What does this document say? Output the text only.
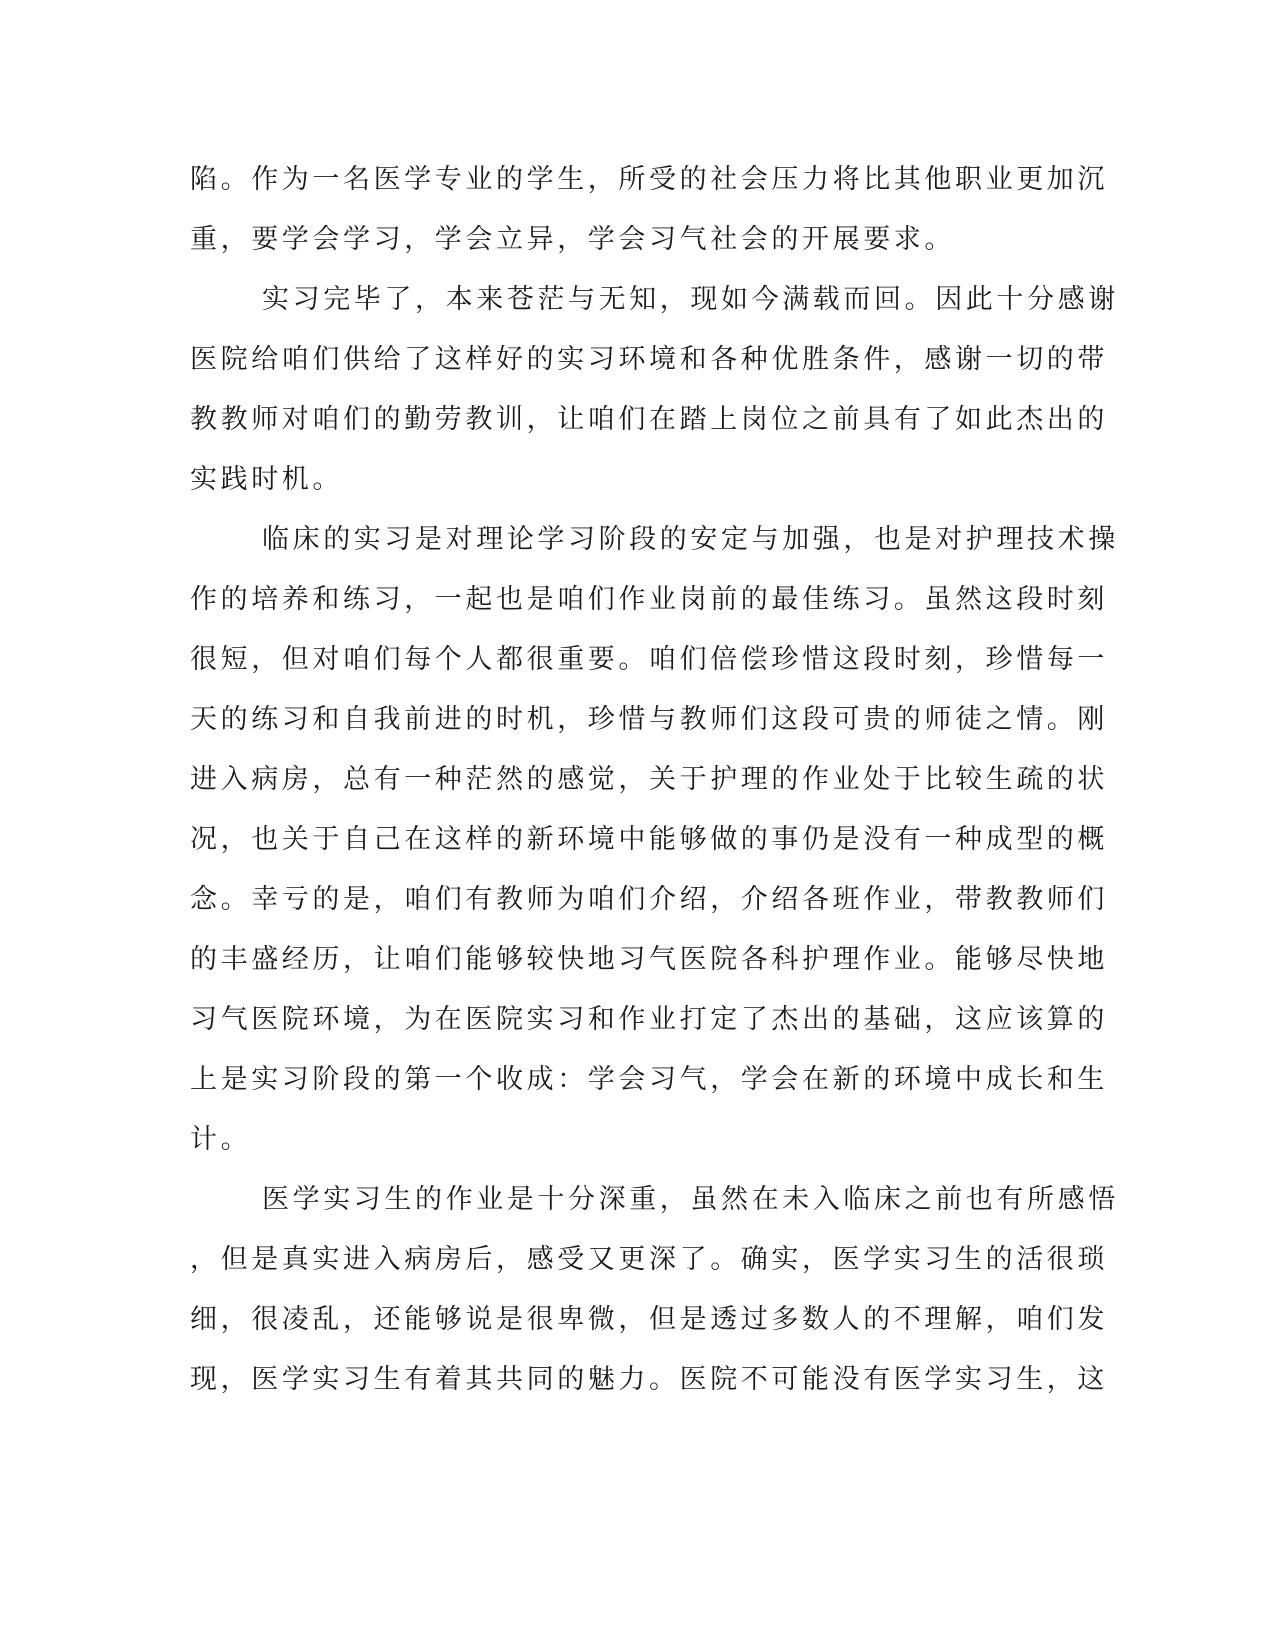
陷。作为一名医学专业的学生，所受的社会压力将比其他职业更加沉
重，要学会学习，学会立异，学会习气社会的开展要求。
实习完毕了，本来苍茫与无知，现如今满载而回。因此十分感谢
医院给咱们供给了这样好的实习环境和各种优胜条件，感谢一切的带
教教师对咱们的勤劳教训，让咱们在踏上岗位之前具有了如此杰出的
实践时机。
临床的实习是对理论学习阶段的安定与加强，也是对护理技术操
作的培养和练习，一起也是咱们作业岗前的最佳练习。虽然这段时刻
很短，但对咱们每个人都很重要。咱们倍偿珍惜这段时刻，珍惜每一
天的练习和自我前进的时机，珍惜与教师们这段可贵的师徒之情。刚
进入病房，总有一种茫然的感觉，关于护理的作业处于比较生疏的状
况，也关于自己在这样的新环境中能够做的事仍是没有一种成型的概
念。幸亏的是，咱们有教师为咱们介绍，介绍各班作业，带教教师们
的丰盛经历，让咱们能够较快地习气医院各科护理作业。能够尽快地
习气医院环境，为在医院实习和作业打定了杰出的基础，这应该算的
上是实习阶段的第一个收成：学会习气，学会在新的环境中成长和生
计。
医学实习生的作业是十分深重，虽然在未入临床之前也有所感悟
，但是真实进入病房后，感受又更深了。确实，医学实习生的活很琐
细，很凌乱，还能够说是很卑微，但是透过多数人的不理解，咱们发
现，医学实习生有着其共同的魅力。医院不可能没有医学实习生，这
